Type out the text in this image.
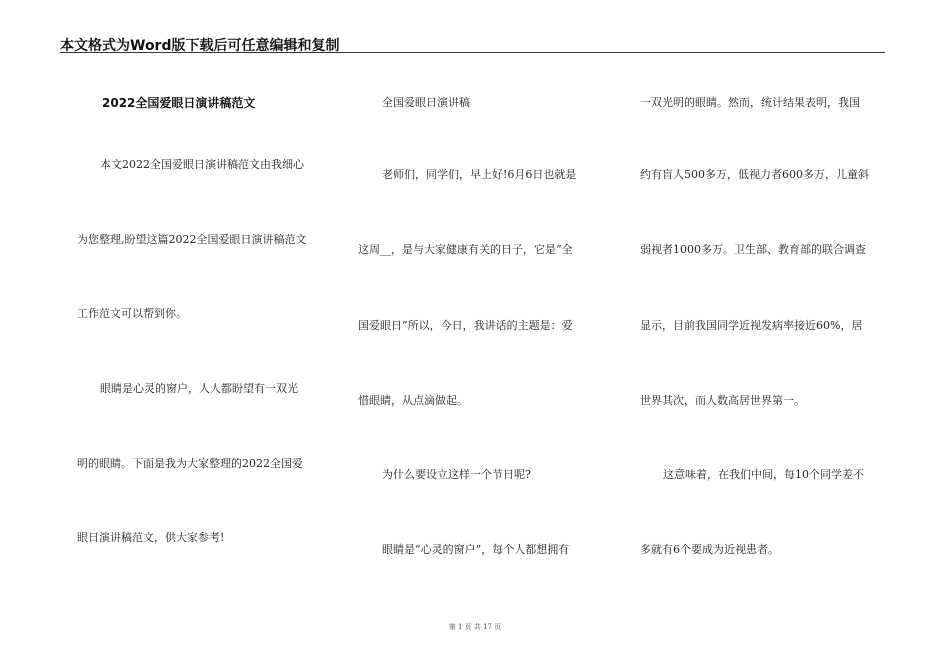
本文格式为Word版下载后可任意编辑和复制

2022全国爱眼日演讲稿范文

本文2022全国爱眼日演讲稿范文由我细心

为您整理,盼望这篇2022全国爱眼日演讲稿范文

工作范文可以帮到你。

眼睛是心灵的窗户，人人都盼望有一双光

明的眼睛。下面是我为大家整理的2022全国爱

眼日演讲稿范文，供大家参考!

全国爱眼日演讲稿

老师们，同学们，早上好!6月6日也就是

这周__，是与大家健康有关的日子，它是“全

国爱眼日”所以，今日，我讲话的主题是：爱

惜眼睛，从点滴做起。

为什么要设立这样一个节日呢?

眼睛是“心灵的窗户”，每个人都想拥有

一双光明的眼睛。然而，统计结果表明，我国

约有盲人500多万，低视力者600多万，儿童斜

弱视者1000多万。卫生部、教育部的联合调查

显示，目前我国同学近视发病率接近60%，居

世界其次，而人数高居世界第一。

这意味着，在我们中间，每10个同学差不

多就有6个要成为近视患者。

第 1 页 共 17 页
